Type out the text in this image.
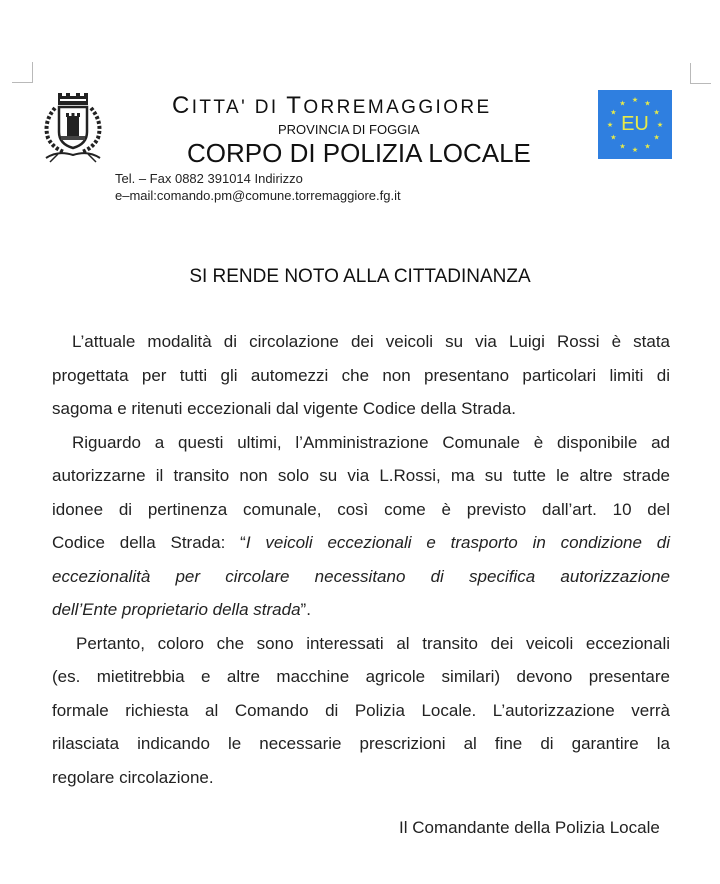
CITTA' DI TORREMAGGIORE
PROVINCIA DI FOGGIA
CORPO DI POLIZIA LOCALE
Tel. – Fax 0882 391014 Indirizzo
e–mail:comando.pm@comune.torremaggiore.fg.it
★ ★
★
★
★
★
★
★
★
★
★
★
EU
SI RENDE NOTO ALLA CITTADINANZA
L’attuale modalità di circolazione dei veicoli su via Luigi Rossi è stata
progettata per tutti gli automezzi che non presentano particolari limiti di
sagoma e ritenuti eccezionali dal vigente Codice della Strada.
Riguardo a questi ultimi, l’Amministrazione Comunale è disponibile ad
autorizzarne il transito non solo su via L.Rossi, ma su tutte le altre strade
idonee di pertinenza comunale, così come è previsto dall’art. 10 del
Codice della Strada: “I veicoli eccezionali e trasporto in condizione di
eccezionalità per circolare necessitano di specifica autorizzazione
dell’Ente proprietario della strada”.
Pertanto, coloro che sono interessati al transito dei veicoli eccezionali
(es. mietitrebbia e altre macchine agricole similari) devono presentare
formale richiesta al Comando di Polizia Locale. L’autorizzazione verrà
rilasciata indicando le necessarie prescrizioni al fine di garantire la
regolare circolazione.
Il Comandante della Polizia Locale
